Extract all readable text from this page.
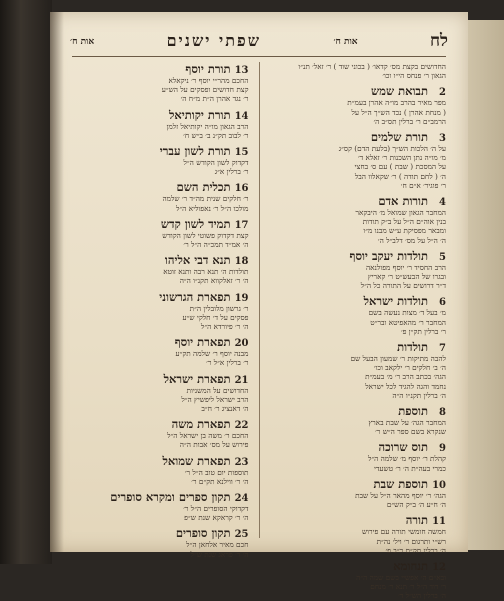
לח
אות ח׳
שפתי ישנים
אות ח׳
החדושים בקצת מס׳ קדאו׳ ( בכוני שוד ) ר׳ זאל׳ תנ״ו
הגאון ר׳ פנחס הי״ו וכו׳
2
תבואת שמש
מפר מאיר בהרב מו״ה אהרן בעמ״ת
( מנחת אהרן ) נכד הש״ך ה״ל על
הרמב״ם ר׳ ברלין תס״ב ה׳
3
תורת שלמים
על ה׳ הלכות הש״ך (בלעת הדם) קס״ג
מ׳ מו״ה נתן השכנות ר׳ זאלא ד׳
על המסכת ( שבת ) עם ס׳ בחצי
ה׳ ( לחם תודה ) ר׳ שקאלוו הבל
ר׳ פוגיר׳ א״ם ח׳
4
תורות אדם
המחבר הגאון שמואל מ׳ היבקאר
בנין אוה״ם ה״ל על ב״ק תודות
ומבאר מפסיקת ע״ש מבנו מ״ו
ה׳ ה״ל על מס׳ דלב״ל ה׳
5
תולדות יעקב יוסף
הרב החסיד ר׳ יוסף מפולנאה
ובגרו של הבעש״ט ר׳ קאריץ
ד״ר דרושים על התורה כל ה״ל
6
תולדות ישראל
מ׳ בעל ד׳ מצות נעשה בשם
המחבר ר׳ מהאפיטא ובר״ט
ר׳ ברלין תק״ן פ׳
7
תולדות
להבה מתיקות ר׳ שמעון הבעל שם
ה׳ ב׳ חלקים ר׳ ילקאב וכו׳
הגה׳ בכתב הרב ר׳ מ׳ בעמ״ת
נחמד והגה להגיד לכל ישראל
ה׳ ברלין תקנ״ו ה״ה
8
תוספת
המחבר הגה׳ על שבת בארץ
שנקרא בשם ספר ה״ש ר׳
9
תוס שרוכה
קהלת ר׳ יוסף מ׳ שלמה ה״ל
כמרי בעה״ת ה׳ ר׳ טשעדי
10
תוספת שבת
הגה׳ ר׳ יוסף מהאר ה״ל על שבת
ה׳ ח״ע ה׳ ב״ק הש״ם
11
תורה
חמשה חומשי תורה עם פירוש
רש״י ותרגום ר׳ ויל׳ נה״ת
ה׳ ברלין תק״ם ר״ב פ׳
12
תנחומא
ובא״ם ה׳ אפשיי בשם שמה ה״ה
ר׳ דוד ה״ל ר׳ תנא ר׳ מנחם
ה׳ ברלין הש״ל ד׳
13
תורת יוסף
החכם מהר״י יוסף ר׳ ניקאלא
קצת חדושים ופסקים על הש״ע
ר׳ נגד אהרן ה״ת מ״ח ה׳
14
תורת יקותיאל
הרב הגאון מו״ה יקותיאל זלמן
ר׳ לבוב תק״נ ב׳ ב״ש ח׳
15
תורת לשון עברי
דקדוק לשון הקודש ה״ל
ר׳ ברלין א״ג
16
תכלית השם
ר׳ חלקים שנית מה״ד ר׳ שלמה
מולכו ה״ל ר׳ נאפוליא ה״ל
17
תמיד לשון קדש
קצת דקדוק פשוטי לשון הקודש
ה׳ אמ״ד תמכ״ה ה״ל ר׳
18
תנא דבי אליהו
תולדות ה׳ תנא רבה ותנא זוטא
ה׳ ר׳ זאלקווא תקנ״ו ה״ה
19
תפארת הגרשוני
ר׳ גרשון מלובלין ה״ת
פסקים על ד׳ חלקי ש״ע
ה׳ ר׳ פיורדא ה״ל
20
תפארת יוסף
מבנה יוסף ר׳ שלמה תק״ע
ר׳ ברלין א״ל ר׳
21
תפארת ישראל
החדושים על המשניות
הרב ישראל ליפשיץ ה״ל
ה׳ דאנציג ר׳ ח״ב
22
תפארת משה
החכם ר׳ משה בן ישראל ה״ל
פירוש על מס׳ אבות ה״ה
23
תפארת שמואל
תוספות יום טוב ה״ל ר׳
ה׳ ר׳ ווילנא תק״ם ר׳
24
תקון ספרים ומקרא סופרים
דקדוקי הסופרים ה״ל ר׳
ה׳ ר׳ קראקא שנת ש״פ
25
תקון סופרים
חכם מאיר אלחאן ה״ל
ה׳ ר׳ פראג שנת ש״ל
